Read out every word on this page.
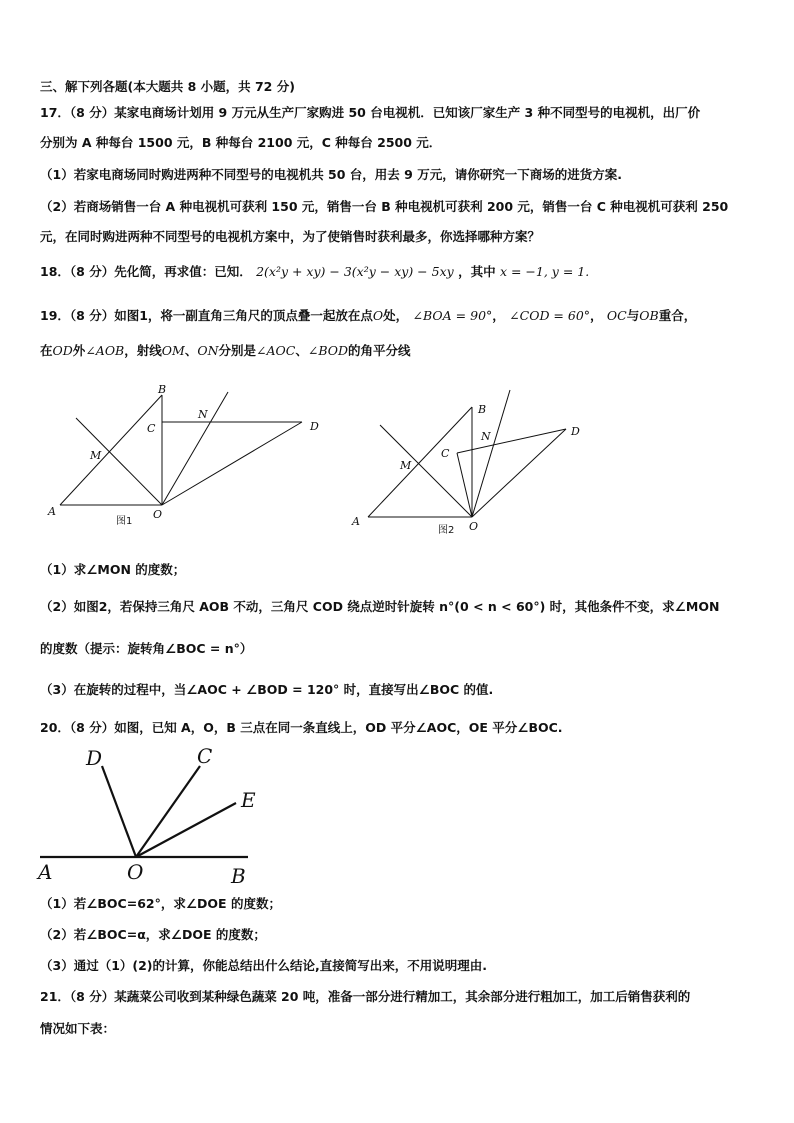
三、解下列各题(本大题共 8 小题，共 72 分)
17．（8 分）某家电商场计划用 9 万元从生产厂家购进 50 台电视机．已知该厂家生产 3 种不同型号的电视机，出厂价
分别为 A 种每台 1500 元，B 种每台 2100 元，C 种每台 2500 元．
（1）若家电商场同时购进两种不同型号的电视机共 50 台，用去 9 万元，请你研究一下商场的进货方案.
（2）若商场销售一台 A 种电视机可获利 150 元，销售一台 B 种电视机可获利 200 元，销售一台 C 种电视机可获利 250
元，在同时购进两种不同型号的电视机方案中，为了使销售时获利最多，你选择哪种方案？
18．（8 分）先化简，再求值：已知． 2(x²y + xy) − 3(x²y − xy) − 5xy ，其中 x = −1, y = 1.
19．（8 分）如图1，将一副直角三角尺的顶点叠一起放在点O处， ∠BOA = 90°， ∠COD = 60°， OC与OB重合，
在OD外∠AOB，射线OM、ON分别是∠AOC、∠BOD的角平分线
A
B
C	D
M
N
O
图1	A
B
C
D
M
N
O
图2
（1）求∠MON 的度数；
（2）如图2，若保持三角尺 AOB 不动，三角尺 COD 绕点逆时针旋转 n°(0 < n < 60°) 时，其他条件不变，求∠MON
的度数（提示：旋转角∠BOC = n°）
（3）在旋转的过程中，当∠AOC + ∠BOD = 120° 时，直接写出∠BOC 的值.
20．（8 分）如图，已知 A，O，B 三点在同一条直线上，OD 平分∠AOC，OE 平分∠BOC.
A	B
C
D
E
O
（1）若∠BOC=62°，求∠DOE 的度数；
（2）若∠BOC=α，求∠DOE 的度数；
（3）通过（1）(2)的计算，你能总结出什么结论,直接简写出来，不用说明理由.
21．（8 分）某蔬菜公司收到某种绿色蔬菜 20 吨，准备一部分进行精加工，其余部分进行粗加工，加工后销售获利的
情况如下表：
